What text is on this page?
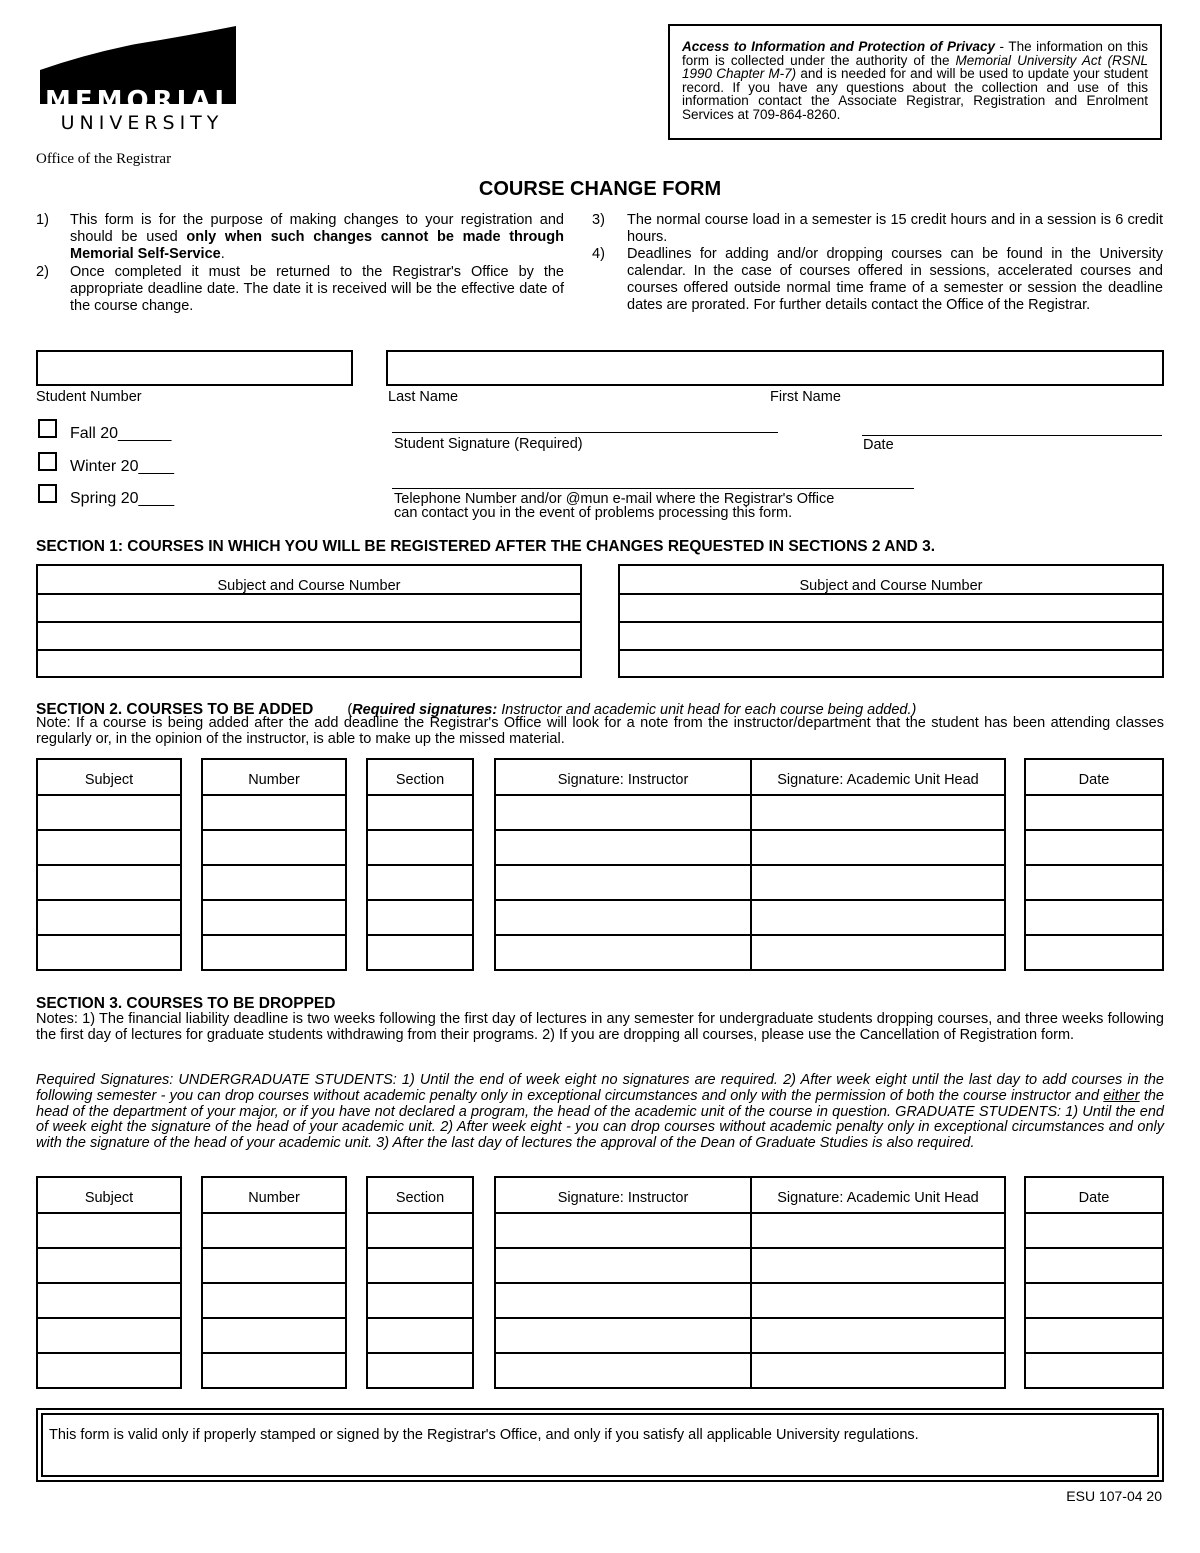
MEMORIAL
UNIVERSITY
Office of the Registrar
Access to Information and Protection of Privacy - The information on this form is collected under the authority of the Memorial University Act (RSNL 1990 Chapter M-7) and is needed for and will be used to update your student record. If you have any questions about the collection and use of this information contact the Associate Registrar, Registration and Enrolment Services at 709-864-8260.
COURSE CHANGE FORM
1) This form is for the purpose of making changes to your registration and should be used only when such changes cannot be made through Memorial Self-Service.
2) Once completed it must be returned to the Registrar's Office by the appropriate deadline date. The date it is received will be the effective date of the course change.
3) The normal course load in a semester is 15 credit hours and in a session is 6 credit hours.
4) Deadlines for adding and/or dropping courses can be found in the University calendar. In the case of courses offered in sessions, accelerated courses and courses offered outside normal time frame of a semester or session the deadline dates are prorated. For further details contact the Office of the Registrar.
Student Number	Last Name	First Name
Fall 20______
Winter 20____
Spring 20____
Student Signature (Required)	Date
Telephone Number and/or @mun e-mail where the Registrar's Office
can contact you in the event of problems processing this form.
SECTION 1: COURSES IN WHICH YOU WILL BE REGISTERED AFTER THE CHANGES REQUESTED IN SECTIONS 2 AND 3.
Subject and Course Number	Subject and Course Number
SECTION 2. COURSES TO BE ADDED (Required signatures: Instructor and academic unit head for each course being added.)
Note: If a course is being added after the add deadline the Registrar's Office will look for a note from the instructor/department that the student has been attending classes regularly or, in the opinion of the instructor, is able to make up the missed material.
Subject	Number	Section	Signature: Instructor	Signature: Academic Unit Head	Date
SECTION 3. COURSES TO BE DROPPED
Notes: 1) The financial liability deadline is two weeks following the first day of lectures in any semester for undergraduate students dropping courses, and three weeks following the first day of lectures for graduate students withdrawing from their programs. 2) If you are dropping all courses, please use the Cancellation of Registration form.
Required Signatures: UNDERGRADUATE STUDENTS: 1) Until the end of week eight no signatures are required. 2) After week eight until the last day to add courses in the following semester - you can drop courses without academic penalty only in exceptional circumstances and only with the permission of both the course instructor and either the head of the department of your major, or if you have not declared a program, the head of the academic unit of the course in question. GRADUATE STUDENTS: 1) Until the end of week eight the signature of the head of your academic unit. 2) After week eight - you can drop courses without academic penalty only in exceptional circumstances and only with the signature of the head of your academic unit. 3) After the last day of lectures the approval of the Dean of Graduate Studies is also required.
Subject	Number	Section	Signature: Instructor	Signature: Academic Unit Head	Date
This form is valid only if properly stamped or signed by the Registrar's Office, and only if you satisfy all applicable University regulations.
ESU 107-04 20
